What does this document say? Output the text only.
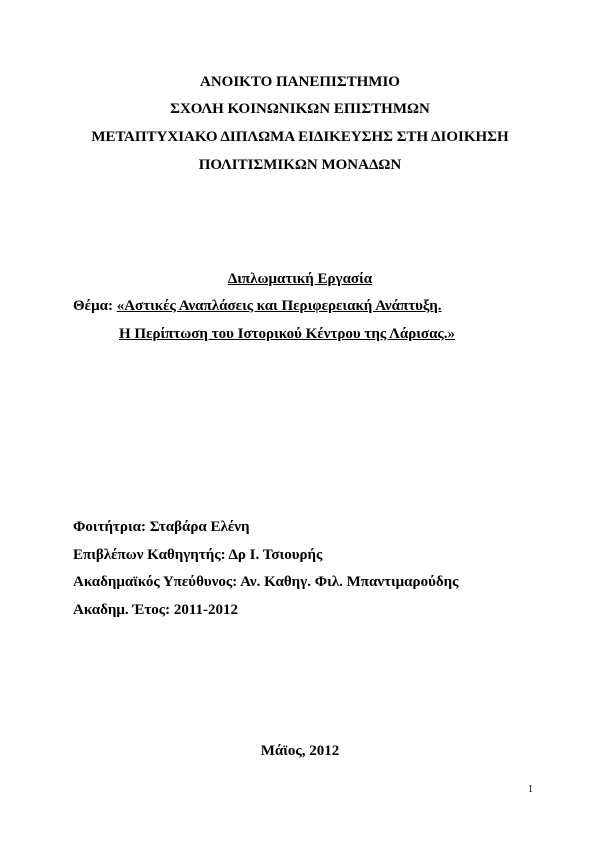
ΑΝΟΙΚΤΟ ΠΑΝΕΠΙΣΤΗΜΙΟ
ΣΧΟΛΗ ΚΟΙΝΩΝΙΚΩΝ ΕΠΙΣΤΗΜΩΝ
ΜΕΤΑΠΤΥΧΙΑΚΟ ΔΙΠΛΩΜΑ ΕΙΔΙΚΕΥΣΗΣ ΣΤΗ ΔΙΟΙΚΗΣΗ
ΠΟΛΙΤΙΣΜΙΚΩΝ ΜΟΝΑΔΩΝ
Διπλωματική Εργασία
Θέμα: «Αστικές Αναπλάσεις και Περιφερειακή Ανάπτυξη.
Η Περίπτωση του Ιστορικού Κέντρου της Λάρισας.»
Φοιτήτρια: Σταβάρα Ελένη
Επιβλέπων Καθηγητής: Δρ Ι. Τσιουρής
Ακαδημαϊκός Υπεύθυνος: Αν. Καθηγ. Φιλ. Μπαντιμαρούδης
Ακαδημ. Έτος: 2011-2012
Μάϊος, 2012
1
